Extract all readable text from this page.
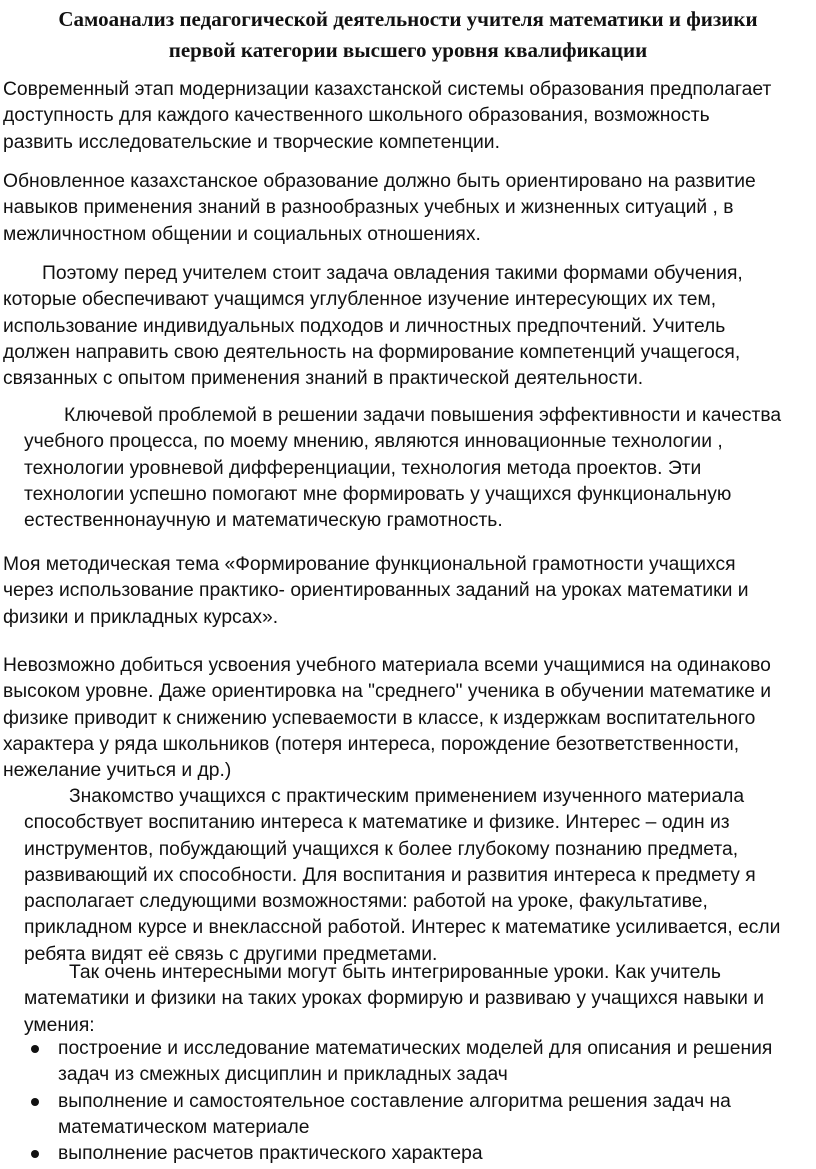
Самоанализ педагогической деятельности учителя математики и физики
первой категории высшего уровня квалификации
Современный этап модернизации казахстанской системы образования предполагает
доступность для каждого качественного школьного образования, возможность
развить исследовательские и творческие компетенции.
Обновленное казахстанское образование должно быть ориентировано на развитие
навыков применения знаний в разнообразных учебных и жизненных ситуаций , в
межличностном общении и социальных отношениях.
Поэтому перед учителем стоит задача овладения такими формами обучения,
которые обеспечивают учащимся углубленное изучение интересующих их тем,
использование индивидуальных подходов и личностных предпочтений. Учитель
должен направить свою деятельность на формирование компетенций учащегося,
связанных с опытом применения знаний в практической деятельности.
Ключевой проблемой в решении задачи повышения эффективности и качества
учебного процесса, по моему мнению, являются инновационные технологии ,
технологии уровневой дифференциации, технология метода проектов. Эти
технологии успешно помогают мне формировать у учащихся функциональную
естественнонаучную и математическую грамотность.
Моя методическая тема «Формирование функциональной грамотности учащихся
через использование практико- ориентированных заданий на уроках математики и
физики и прикладных курсах».
Невозможно добиться усвоения учебного материала всеми учащимися на одинаково
высоком уровне. Даже ориентировка на "среднего" ученика в обучении математике и
физике приводит к снижению успеваемости в классе, к издержкам воспитательного
характера у ряда школьников (потеря интереса, порождение безответственности,
нежелание учиться и др.)
Знакомство учащихся с практическим применением изученного материала
способствует воспитанию интереса к математике и физике. Интерес – один из
инструментов, побуждающий учащихся к более глубокому познанию предмета,
развивающий их способности. Для воспитания и развития интереса к предмету я
располагает следующими возможностями: работой на уроке, факультативе,
прикладном курсе и внеклассной работой. Интерес к математике усиливается, если
ребята видят её связь с другими предметами.
Так очень интересными могут быть интегрированные уроки. Как учитель
математики и физики на таких уроках формирую и развиваю у учащихся навыки и
умения:
построение и исследование математических моделей для описания и решения
задач из смежных дисциплин и прикладных задач
выполнение и самостоятельное составление алгоритма решения задач на
математическом материале
выполнение расчетов практического характера
